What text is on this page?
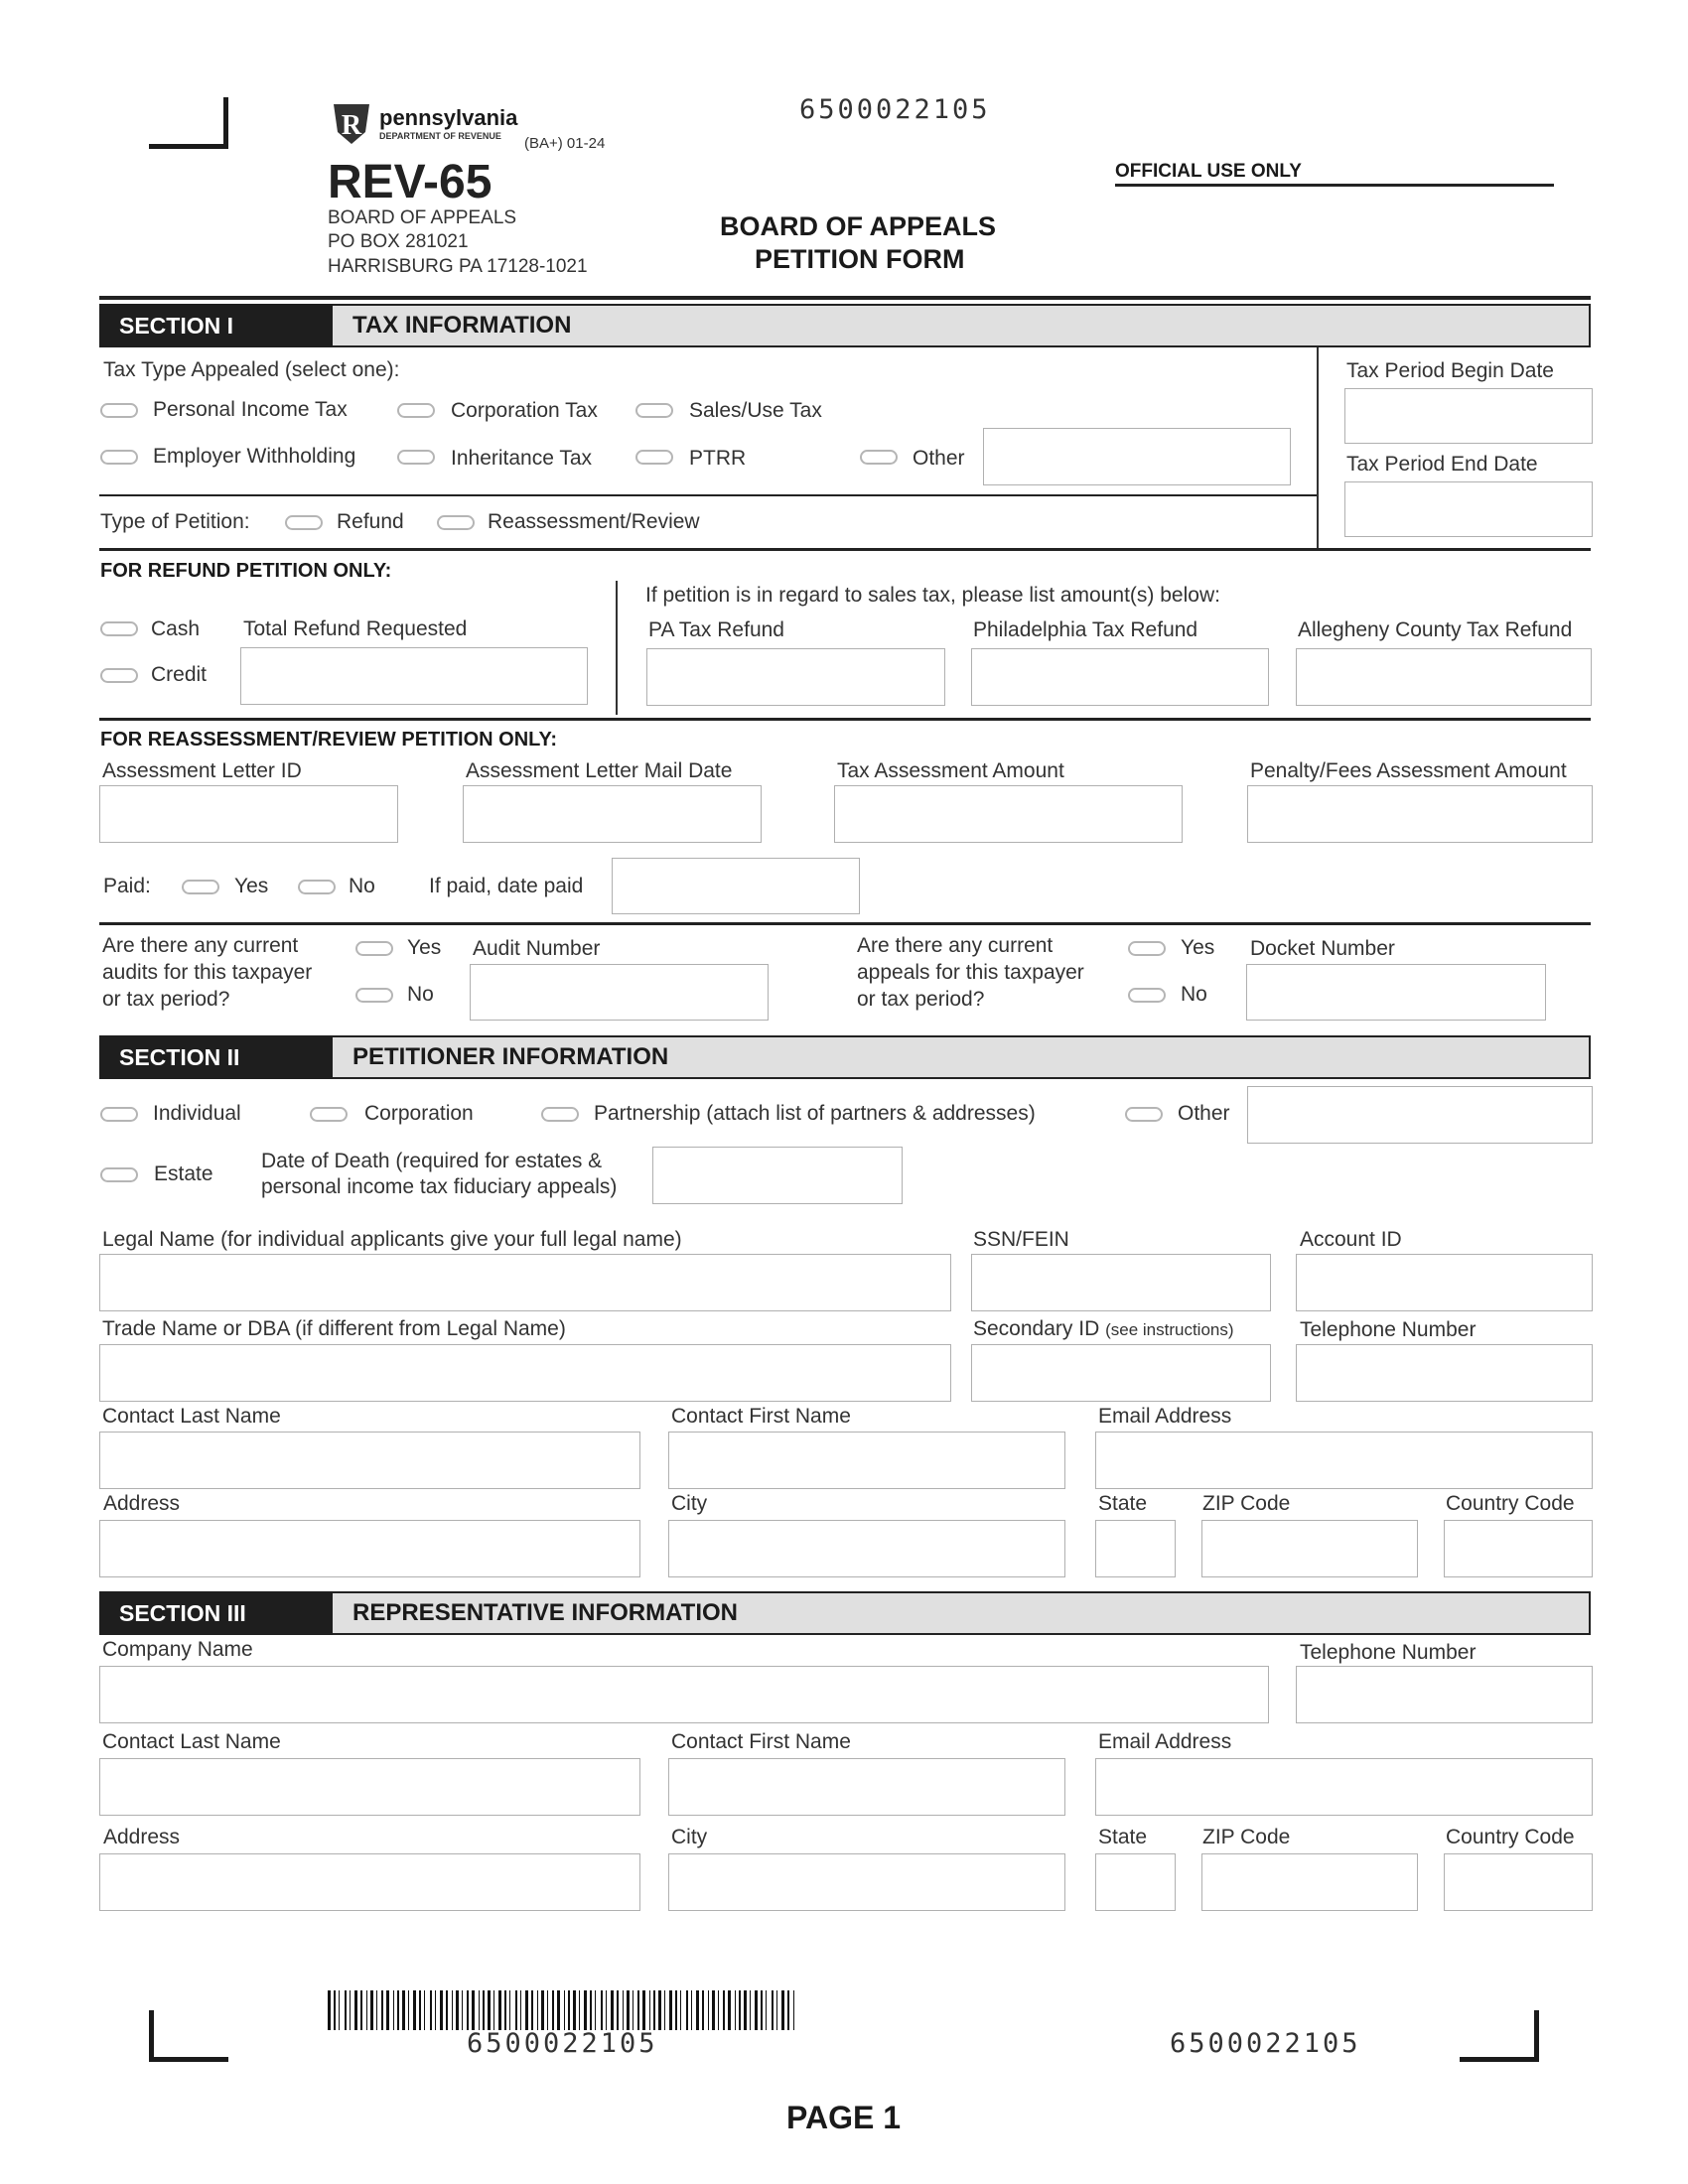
R pennsylvania
DEPARTMENT OF REVENUE (BA+) 01-24
REV-65
BOARD OF APPEALS
PO BOX 281021
HARRISBURG PA 17128-1021
6500022105
BOARD OF APPEALS
PETITION FORM
OFFICIAL USE ONLY
SECTION I	TAX INFORMATION
Tax Type Appealed (select one):
Personal Income Tax	Corporation Tax	Sales/Use Tax
Employer Withholding	Inheritance Tax	PTRR	Other
Tax Period Begin Date
Tax Period End Date
Type of Petition:	Refund	Reassessment/Review
FOR REFUND PETITION ONLY:
If petition is in regard to sales tax, please list amount(s) below:
Cash
Credit
Total Refund Requested	PA Tax Refund	Philadelphia Tax Refund	Allegheny County Tax Refund
FOR REASSESSMENT/REVIEW PETITION ONLY:
Assessment Letter ID	Assessment Letter Mail Date	Tax Assessment Amount	Penalty/Fees Assessment Amount
Paid:	Yes	No	If paid, date paid
Are there any current
audits for this taxpayer
or tax period?
Yes
No
Audit Number	Are there any current
appeals for this taxpayer
or tax period?
Yes
No
Docket Number
SECTION II	PETITIONER INFORMATION
Individual	Corporation	Partnership (attach list of partners & addresses)	Other
Estate
Date of Death (required for estates &
personal income tax fiduciary appeals)
Legal Name (for individual applicants give your full legal name)	SSN/FEIN	Account ID
Trade Name or DBA (if different from Legal Name)	Secondary ID (see instructions)	Telephone Number
Contact Last Name	Contact First Name	Email Address
Address	City	State	ZIP Code	Country Code
SECTION III	REPRESENTATIVE INFORMATION
Company Name	Telephone Number
Contact Last Name	Contact First Name	Email Address
Address	City	State	ZIP Code	Country Code
6500022105	6500022105
PAGE 1
